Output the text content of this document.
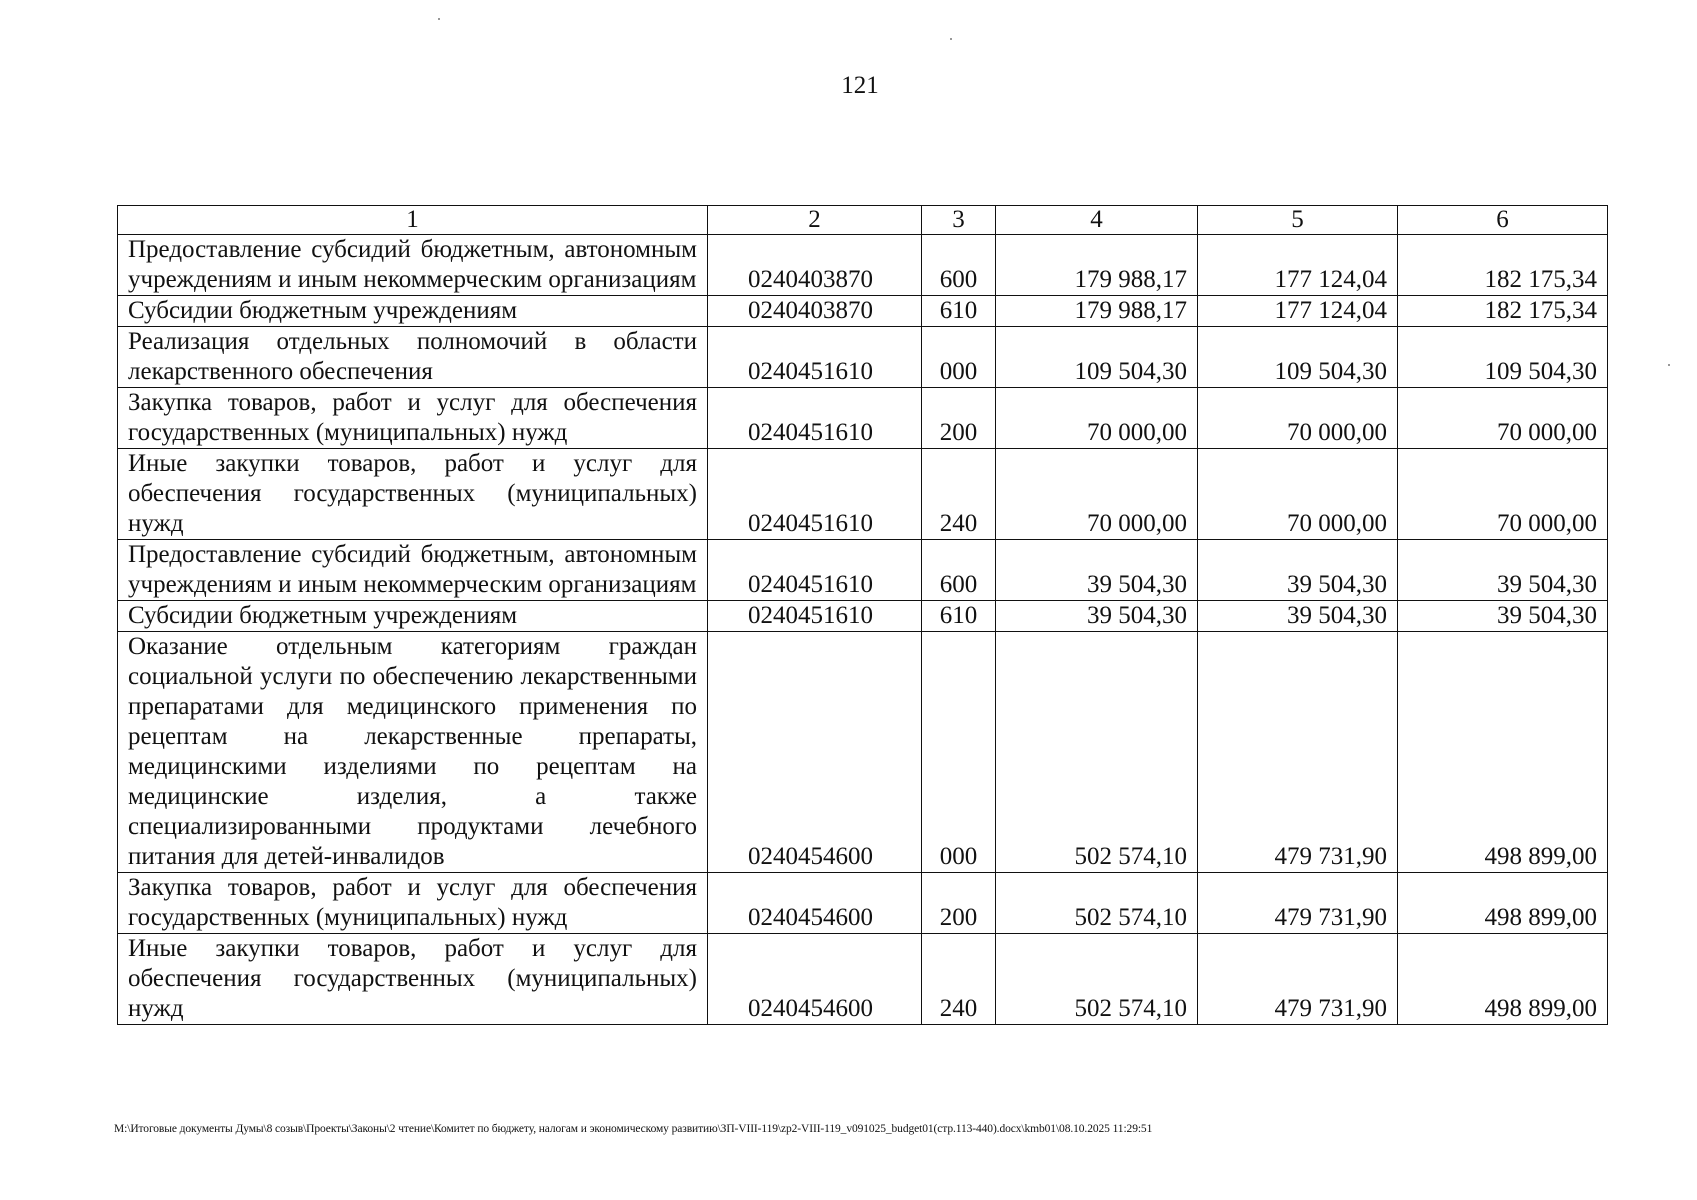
121
1	2	3	4	5	6
Предоставление субсидий бюджетным, автономным учреждениям и иным некоммерческим организациям	0240403870	600	179 988,17	177 124,04	182 175,34
Субсидии бюджетным учреждениям	0240403870	610	179 988,17	177 124,04	182 175,34
Реализация отдельных полномочий в области лекарственного обеспечения	0240451610	000	109 504,30	109 504,30	109 504,30
Закупка товаров, работ и услуг для обеспечения государственных (муниципальных) нужд	0240451610	200	70 000,00	70 000,00	70 000,00
Иные закупки товаров, работ и услуг для обеспечения государственных (муниципальных) нужд	0240451610	240	70 000,00	70 000,00	70 000,00
Предоставление субсидий бюджетным, автономным учреждениям и иным некоммерческим организациям	0240451610	600	39 504,30	39 504,30	39 504,30
Субсидии бюджетным учреждениям	0240451610	610	39 504,30	39 504,30	39 504,30
Оказание отдельным категориям граждан социальной услуги по обеспечению лекарственными препаратами для медицинского применения по рецептам на лекарственные препараты, медицинскими изделиями по рецептам на медицинские изделия, а также специализированными продуктами лечебного питания для детей-инвалидов	0240454600	000	502 574,10	479 731,90	498 899,00
Закупка товаров, работ и услуг для обеспечения государственных (муниципальных) нужд	0240454600	200	502 574,10	479 731,90	498 899,00
Иные закупки товаров, работ и услуг для обеспечения государственных (муниципальных) нужд	0240454600	240	502 574,10	479 731,90	498 899,00
M:\Итоговые документы Думы\8 созыв\Проекты\Законы\2 чтение\Комитет по бюджету, налогам и экономическому развитию\ЗП-VIII-119\zp2-VIII-119_v091025_budget01(стр.113-440).docx\kmb01\08.10.2025 11:29:51
